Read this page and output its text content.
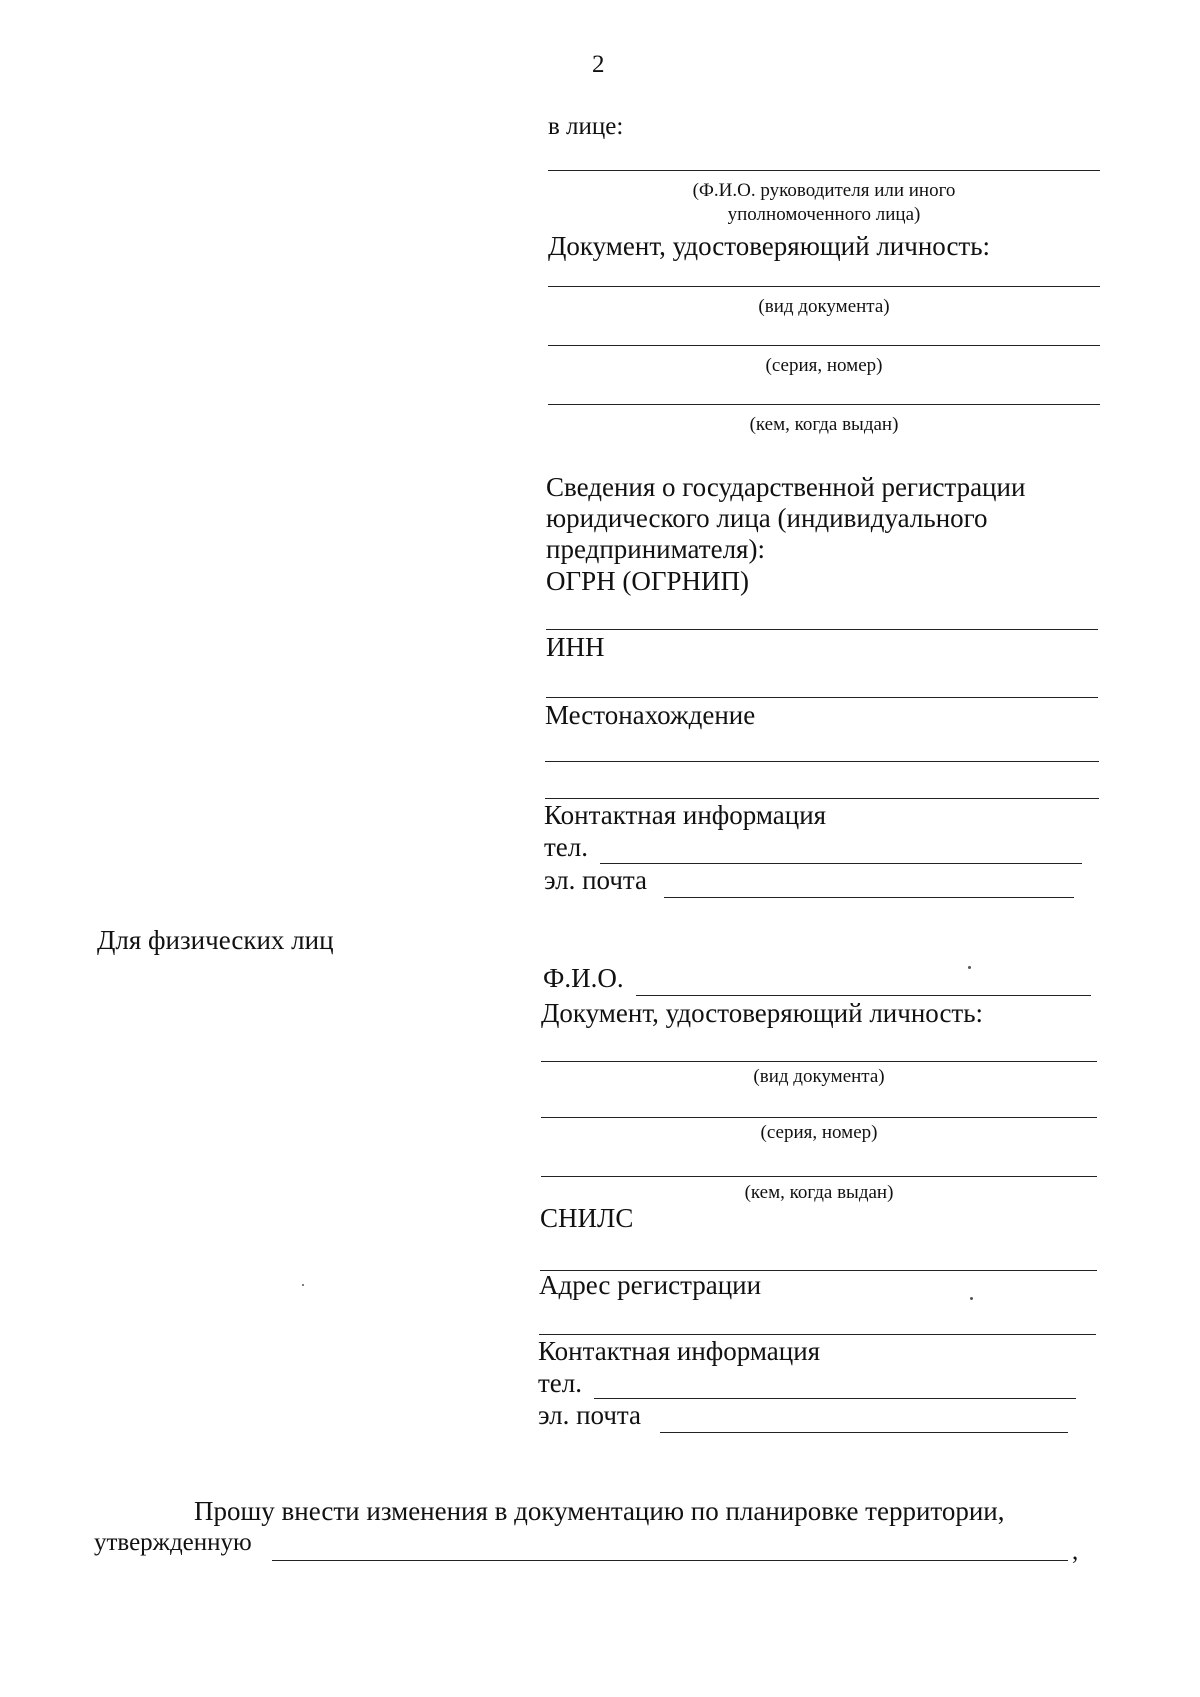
2
в лице:
(Ф.И.О. руководителя или иного
уполномоченного лица)
Документ, удостоверяющий личность:
(вид документа)
(серия, номер)
(кем, когда выдан)
Сведения о государственной регистрации
юридического лица (индивидуального
предпринимателя):
ОГРН (ОГРНИП)
ИНН
Местонахождение
Контактная информация
тел.
эл. почта
Для физических лиц
Ф.И.О.
Документ, удостоверяющий личность:
(вид документа)
(серия, номер)
(кем, когда выдан)
СНИЛС
Адрес регистрации
Контактная информация
тел.
эл. почта
Прошу внести изменения в документацию по планировке территории,
утвержденную	,
